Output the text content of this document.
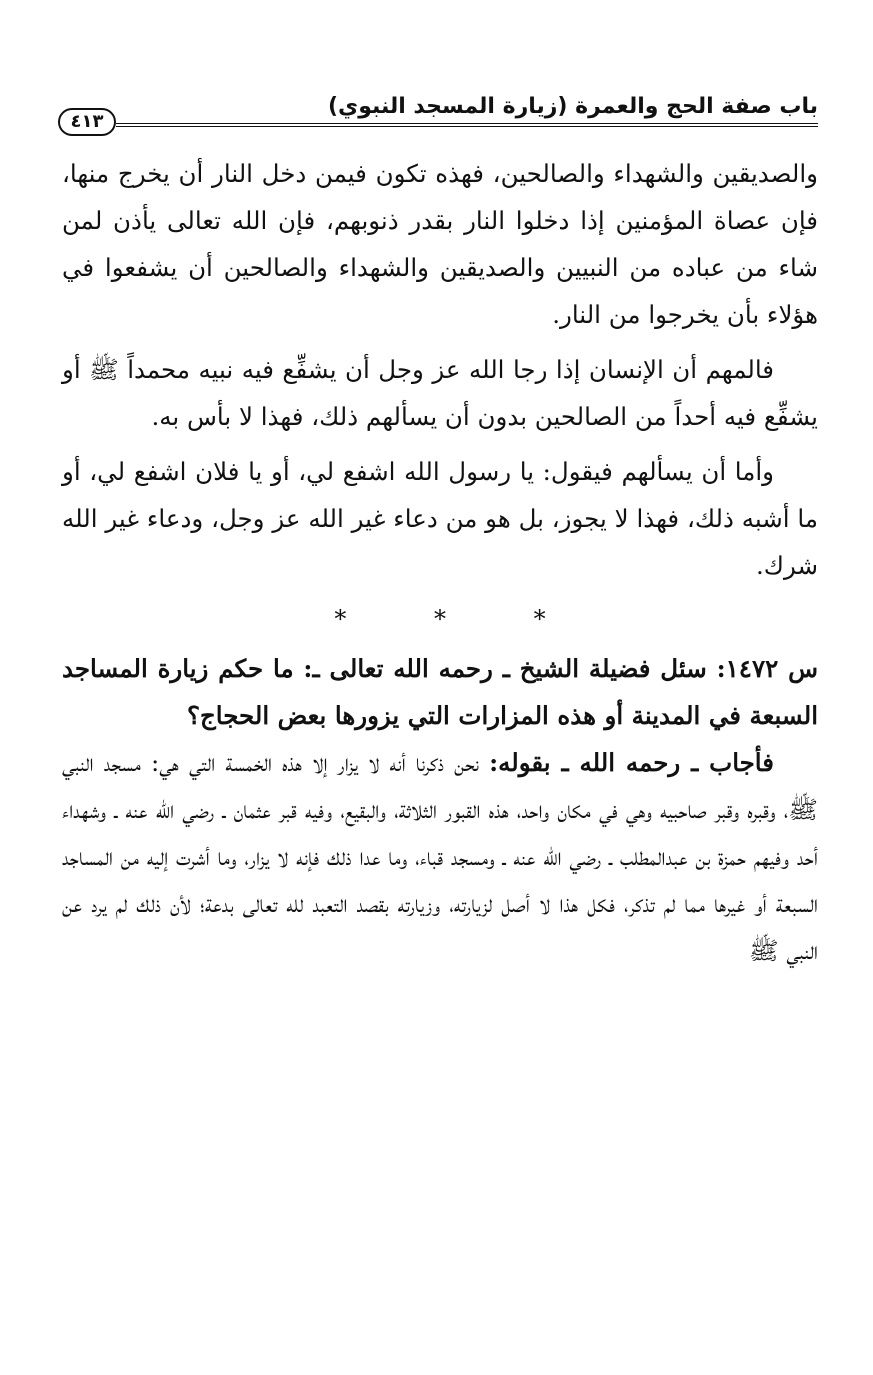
باب صفة الحج والعمرة (زيارة المسجد النبوي)
٤١٣

والصديقين والشهداء والصالحين، فهذه تكون فيمن دخل النار أن يخرج منها، فإن عصاة المؤمنين إذا دخلوا النار بقدر ذنوبهم، فإن الله تعالى يأذن لمن شاء من عباده من النبيين والصديقين والشهداء والصالحين أن يشفعوا في هؤلاء بأن يخرجوا من النار.

فالمهم أن الإنسان إذا رجا الله عز وجل أن يشفِّع فيه نبيه محمداً ﷺ أو يشفِّع فيه أحداً من الصالحين بدون أن يسألهم ذلك، فهذا لا بأس به.

وأما أن يسألهم فيقول: يا رسول الله اشفع لي، أو يا فلان اشفع لي، أو ما أشبه ذلك، فهذا لا يجوز، بل هو من دعاء غير الله عز وجل، ودعاء غير الله شرك.

* * *

س ١٤٧٢: سئل فضيلة الشيخ ـ رحمه الله تعالى ـ: ما حكم زيارة المساجد السبعة في المدينة أو هذه المزارات التي يزورها بعض الحجاج؟

فأجاب ـ رحمه الله ـ بقوله: نحن ذكرنا أنه لا يزار إلا هذه الخمسة التي هي: مسجد النبي ﷺ، وقبره وقبر صاحبيه وهي في مكان واحد، هذه القبور الثلاثة، والبقيع، وفيه قبر عثمان ـ رضي الله عنه ـ وشهداء أحد وفيهم حمزة بن عبدالمطلب ـ رضي الله عنه ـ ومسجد قباء، وما عدا ذلك فإنه لا يزار، وما أشرت إليه من المساجد السبعة أو غيرها مما لم تذكر، فكل هذا لا أصل لزيارته، وزيارته بقصد التعبد لله تعالى بدعة؛ لأن ذلك لم يرد عن النبي ﷺ
